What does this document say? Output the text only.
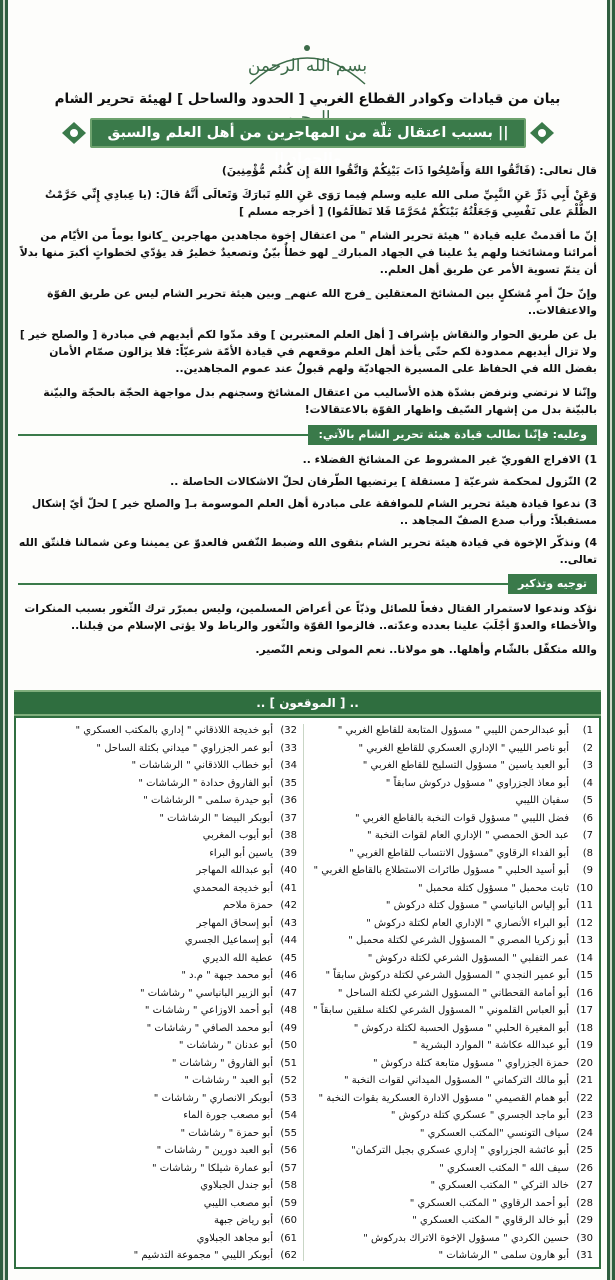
بسم الله الرحمن
بيان من قيادات وكوادر القطاع الغربي [ الحدود والساحل ] لهيئة تحرير الشام
|| بسبب اعتقال ثلّة من المهاجرين من أهل العلم والسبق والجهاد ||

قال تعالى: (فَاتَّقُوا اللهَ وَأَصْلِحُوا ذَاتَ بَيْنِكُمْ وَاتَّقُوا اللهَ إِن كُنتُم مُّؤْمِنِينَ)

وَعَنْ أَبِي ذَرٍّ عَنِ النَّبِيِّ صلى الله عليه وسلم فِيما رَوَى عَنِ اللهِ تَبارَكَ وَتَعالَى أَنَّهُ قالَ: (يا عِبادِي إِنِّي حَرَّمْتُ الظُّلْمَ على نَفْسِي وَجَعَلْتُهُ بَيْنَكُمْ مُحَرَّمًا فَلا تَظالَمُوا) [ أخرجه مسلم ]

إنّ ما أقدمتْ عليه قيادة " هيئة تحرير الشام " من اعتقال إخوة مجاهدين مهاجرين _كانوا يوماً من الأيّام من أمرائنا ومشائخنا ولهم يدٌ علينا في الجهاد المبارك_ لهو خطأٌ بيّنٌ وتصعيدٌ خطيرٌ قد يؤدّي لخطواتٍ أكبرَ منها بدلاً أن يتمّ تسوية الأمر عن طريق أهل العلم..

وإنّ حلّ أمرٍ مُشكلٍ بين المشائخ المعتقلين _فرج الله عنهم_ وبين هيئة تحرير الشام ليس عن طريق القوّة والاعتقالات..

بل عن طريق الحوار والنقاش بإشراف [ أهل العلم المعتبرين ] وقد مدّوا لكم أيديهم في مبادرة [ والصلح خير ] ولا تزال أيديهم ممدودة لكم حتّى يأخذ أهل العلم موقعهم في قيادة الأمّة شرعيّاً: فلا يزالون صمّام الأمان بفضل الله في الحفاظ على المسيرة الجهاديّة ولهم قبولٌ عند عموم المجاهدين..

وإنّنا لا نرتضي ونرفض بشدّة هذه الأساليب من اعتقال المشائخ وسجنهم بدل مواجهة الحجّة بالحجّة والبيّنة بالبيّنة بدل من إشهار السّيف واظهار القوّة بالاعتقالات!

وعليه: فإنّنا نطالب قيادة هيئة تحرير الشام بالآتي:
1)الافراج الفوريّ غير المشروط عن المشائخ الفضلاء ..
2)النّزول لمحكمة شرعيّة [ مستقلة ] يرتضيها الطّرفان لحلّ الاشكالات الحاصلة ..
3)ندعوا قيادة هيئة تحرير الشام للموافقة على مبادرة أهل العلم الموسومة بـ[ والصلح خير ] لحلّ أيّ إشكال مستقبلاً: ورأب صدع الصفّ المجاهد ..
4)ونذكّر الإخوة في قيادة هيئة تحرير الشام بتقوى الله وضبط النّفس فالعدوّ عن يميننا وعن شمالنا فلنتّق الله تعالى..
توجيه وتذكير

نؤكد وندعوا لاستمرار القتال دفعاً للصائل وذبّاً عن أعراض المسلمين، وليس بمبرّر ترك الثّغور بسبب المنكرات والأخطاء والعدوّ أجْلَبَ علينا بعدده وعدّته.. فالزموا القوّة والثّغور والرباط ولا يؤتى الإسلام من قِبلنا..

والله متكفّل بالشّام وأهلها.. هو مولانا.. نعم المولى ونعم النّصير.

.. [ الموقعون ] ..
1)أبو عبدالرحمن الليبي " مسؤول المتابعة للقاطع الغربي "
2)أبو ناصر الليبي " الإداري العسكري للقاطع الغربي "
3)أبو العبد ياسين " مسؤول التسليح للقاطع الغربي "
4)أبو معاذ الجزراوي " مسؤول دركوش سابقاً "
5)سفيان الليبي
6)فضل الليبي " مسؤول قوات النخبة بالقاطع الغربي "
7)عبد الحق الحمصي " الإداري العام لقوات النخبة "
8)أبو الفداء الرقاوي "مسؤول الانتساب للقاطع الغربي "
9)أبو أسيد الحلبي " مسؤول طائرات الاستطلاع بالقاطع الغربي "
10)ثابت محمبل " مسؤول كتلة محمبل "
11)أبو إلياس البانياسي " مسؤول كتلة دركوش "
12)أبو البراء الأنصاري " الإداري العام لكتلة دركوش "
13)أبو زكريا المصري " المسؤول الشرعي لكتلة محمبل "
14)عمر التفلبي " المسؤول الشرعي لكتلة دركوش "
15)أبو عمير النجدي " المسؤول الشرعي لكتلة دركوش سابقاً "
16)أبو أمامة القحطاني " المسؤول الشرعي لكتلة الساحل "
17)أبو العباس القلموني " المسؤول الشرعي لكتلة سلقين سابقاً "
18)أبو المغيرة الحلبي " مسؤول الحسبة لكتلة دركوش "
19)أبو عبدالله عكاشة " الموارد البشرية "
20)حمزة الجزراوي " مسؤول متابعة كتلة دركوش "
21)أبو مالك التركماني " المسؤول الميداني لقوات النخبة "
22)أبو همام القصيمي " مسؤول الادارة العسكرية بقوات النخبة "
23)أبو ماجد الجسري " عسكري كتلة دركوش "
24)سياف التونسي "المكتب العسكري "
25)أبو عائشة الجزراوي " إداري عسكري بجبل التركمان"
26)سيف الله " المكتب العسكري "
27)خالد التركي " المكتب العسكري "
28)أبو أحمد الرقاوي " المكتب العسكري "
29)أبو خالد الرقاوي " المكتب العسكري "
30)حسين الكردي " مسؤول الإخوة الاتراك بدركوش "
31)أبو هارون سلمى " الرشاشات "
32)أبو خديجة اللاذقاني " إداري بالمكتب العسكري "
33)أبو عمر الجزراوي " ميداني بكتلة الساحل "
34)أبو خطاب اللاذقاني " الرشاشات "
35)أبو الفاروق حدادة " الرشاشات "
36)أبو حيدرة سلمى " الرشاشات "
37)أبوبكر البيضا " الرشاشات "
38)أبو أيوب المغربي
39)ياسين أبو البراء
40)أبو عبدالله المهاجر
41)أبو خديجة المحمدي
42)حمزة ملاحم
43)أبو إسحاق المهاجر
44)أبو إسماعيل الجسري
45)عطية الله الديري
46)أبو محمد جبهة " م.د "
47)أبو الزبير البانياسي " رشاشات "
48)أبو أحمد الاوزاعي " رشاشات "
49)أبو محمد الصافي " رشاشات "
50)أبو عدنان " رشاشات "
51)أبو الفاروق " رشاشات "
52)أبو العبد " رشاشات "
53)أبوبكر الانصاري " رشاشات "
54)أبو مصعب جورة الماء
55)أبو حمزة " رشاشات "
56)أبو العبد دورين " رشاشات "
57)أبو عمارة شيلكا " رشاشات "
58)أبو جندل الجبلاوي
59)أبو مصعب الليبي
60)أبو رياض جبهة
61)أبو مجاهد الجبلاوي
62)أبوبكر الليبي " مجموعة التدشيم "
